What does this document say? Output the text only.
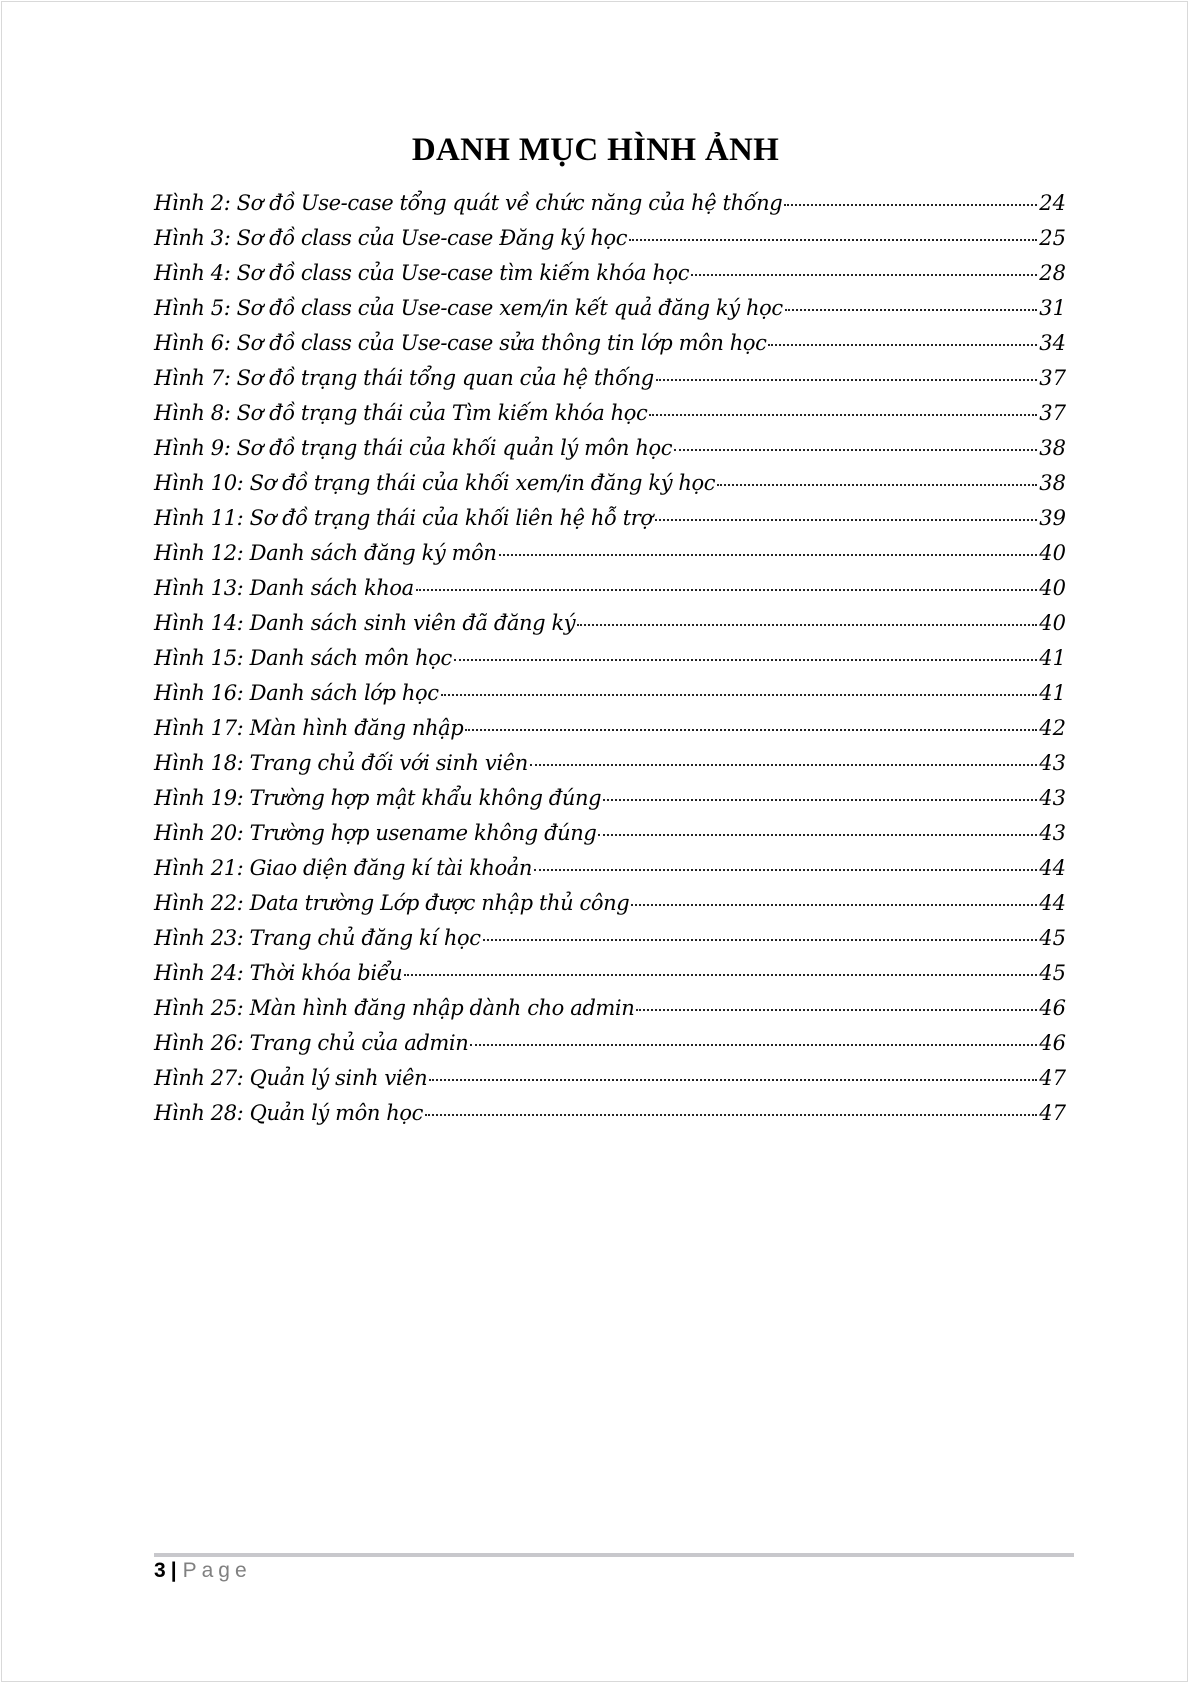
DANH MỤC HÌNH ẢNH
Hình 2: Sơ đồ Use-case tổng quát về chức năng của hệ thống	24
Hình 3: Sơ đồ class của Use-case Đăng ký học	25
Hình 4: Sơ đồ class của Use-case tìm kiếm khóa học	28
Hình 5: Sơ đồ class của Use-case xem/in kết quả đăng ký học	31
Hình 6: Sơ đồ class của Use-case sửa thông tin lớp môn học	34
Hình 7: Sơ đồ trạng thái tổng quan của hệ thống	37
Hình 8: Sơ đồ trạng thái của Tìm kiếm khóa học	37
Hình 9: Sơ đồ trạng thái của khối quản lý môn học	38
Hình 10: Sơ đồ trạng thái của khối xem/in đăng ký học	38
Hình 11: Sơ đồ trạng thái của khối liên hệ hỗ trợ	39
Hình 12: Danh sách đăng ký môn	40
Hình 13: Danh sách khoa	40
Hình 14: Danh sách sinh viên đã đăng ký	40
Hình 15: Danh sách môn học	41
Hình 16: Danh sách lớp học	41
Hình 17: Màn hình đăng nhập	42
Hình 18: Trang chủ đối với sinh viên	43
Hình 19: Trường hợp mật khẩu không đúng	43
Hình 20: Trường hợp usename không đúng	43
Hình 21: Giao diện đăng kí tài khoản	44
Hình 22: Data trường Lớp được nhập thủ công	44
Hình 23: Trang chủ đăng kí học	45
Hình 24: Thời khóa biểu	45
Hình 25: Màn hình đăng nhập dành cho admin	46
Hình 26: Trang chủ của admin	46
Hình 27: Quản lý sinh viên	47
Hình 28: Quản lý môn học	47
3 | Page
